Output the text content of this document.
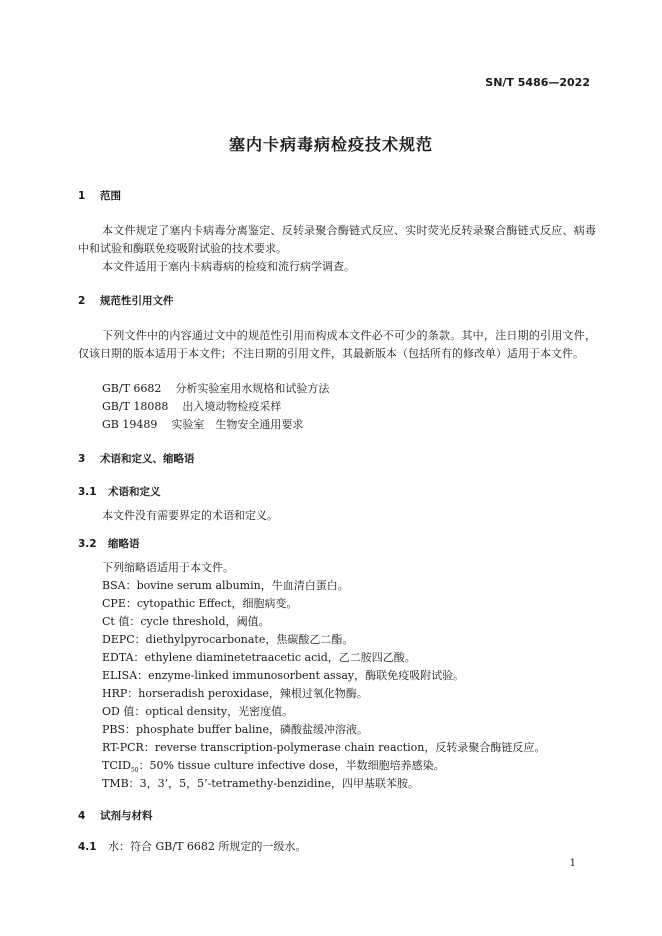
SN/T 5486—2022
塞内卡病毒病检疫技术规范
1 范围
本文件规定了塞内卡病毒分离鉴定、反转录聚合酶链式反应、实时荧光反转录聚合酶链式反应、病毒中和试验和酶联免疫吸附试验的技术要求。
本文件适用于塞内卡病毒病的检疫和流行病学调查。
2 规范性引用文件
下列文件中的内容通过文中的规范性引用而构成本文件必不可少的条款。其中，注日期的引用文件，仅该日期的版本适用于本文件；不注日期的引用文件，其最新版本（包括所有的修改单）适用于本文件。
GB/T 6682 分析实验室用水规格和试验方法
GB/T 18088 出入境动物检疫采样
GB 19489 实验室　生物安全通用要求
3 术语和定义、缩略语
3.1 术语和定义
本文件没有需要界定的术语和定义。
3.2 缩略语
下列缩略语适用于本文件。
BSA：bovine serum albumin，牛血清白蛋白。
CPE：cytopathic Effect，细胞病变。
Ct 值：cycle threshold，阈值。
DEPC：diethylpyrocarbonate，焦碳酸乙二酯。
EDTA：ethylene diaminetetraacetic acid，乙二胺四乙酸。
ELISA：enzyme-linked immunosorbent assay，酶联免疫吸附试验。
HRP：horseradish peroxidase，辣根过氧化物酶。
OD 值：optical density，光密度值。
PBS：phosphate buffer baline，磷酸盐缓冲溶液。
RT-PCR：reverse transcription-polymerase chain reaction，反转录聚合酶链反应。
$TCID_{50}$：50% tissue culture infective dose，半数细胞培养感染。
TMB：3，3’，5，5’-tetramethy-benzidine，四甲基联苯胺。
4 试剂与材料
4.1 水：符合 GB/T 6682 所规定的一级水。
1
